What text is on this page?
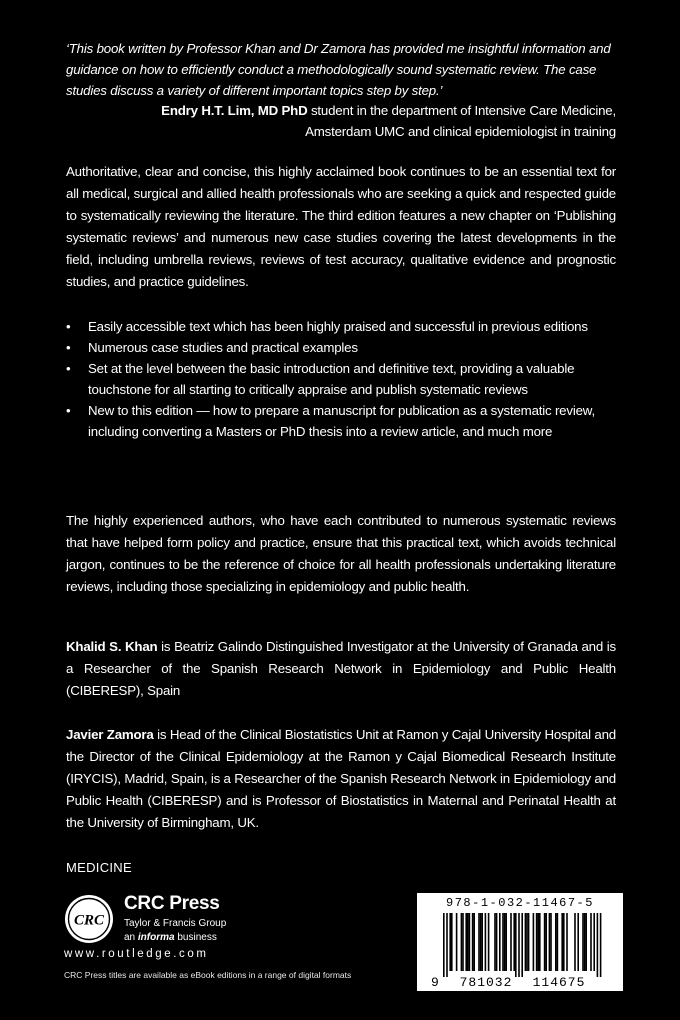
‘This book written by Professor Khan and Dr Zamora has provided me insightful information and guidance on how to efficiently conduct a methodologically sound systematic review. The case studies discuss a variety of different important topics step by step.’
Endry H.T. Lim, MD PhD student in the department of Intensive Care Medicine,
Amsterdam UMC and clinical epidemiologist in training
Authoritative, clear and concise, this highly acclaimed book continues to be an essential text for all medical, surgical and allied health professionals who are seeking a quick and respected guide to systematically reviewing the literature. The third edition features a new chapter on ‘Publishing systematic reviews’ and numerous new case studies covering the latest developments in the field, including umbrella reviews, reviews of test accuracy, qualitative evidence and prognostic studies, and practice guidelines.
• Easily accessible text which has been highly praised and successful in previous editions
• Numerous case studies and practical examples
• Set at the level between the basic introduction and definitive text, providing a valuable touchstone for all starting to critically appraise and publish systematic reviews
• New to this edition — how to prepare a manuscript for publication as a systematic review, including converting a Masters or PhD thesis into a review article, and much more
The highly experienced authors, who have each contributed to numerous systematic reviews that have helped form policy and practice, ensure that this practical text, which avoids technical jargon, continues to be the reference of choice for all health professionals undertaking literature reviews, including those specializing in epidemiology and public health.
Khalid S. Khan is Beatriz Galindo Distinguished Investigator at the University of Granada and is a Researcher of the Spanish Research Network in Epidemiology and Public Health (CIBERESP), Spain
Javier Zamora is Head of the Clinical Biostatistics Unit at Ramon y Cajal University Hospital and the Director of the Clinical Epidemiology at the Ramon y Cajal Biomedical Research Institute (IRYCIS), Madrid, Spain, is a Researcher of the Spanish Research Network in Epidemiology and Public Health (CIBERESP) and is Professor of Biostatistics in Maternal and Perinatal Health at the University of Birmingham, UK.
MEDICINE
CRC
CRC Press
Taylor & Francis Group
an informa business
www.routledge.com
CRC Press titles are available as eBook editions in a range of digital formats
978-1-032-11467-5
9 781032 114675
